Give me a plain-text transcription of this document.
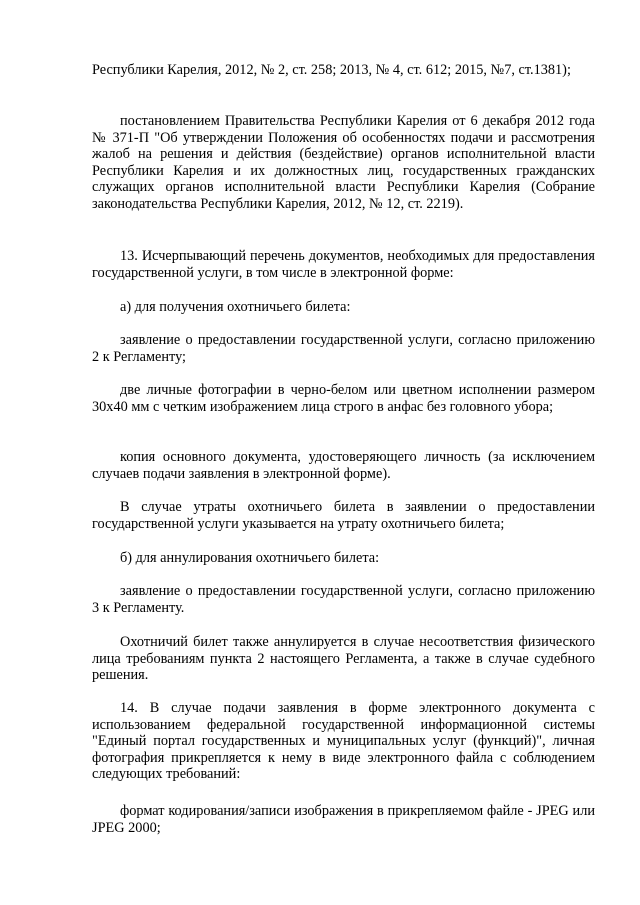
Республики Карелия, 2012, № 2, ст. 258; 2013, № 4, ст. 612; 2015, №7, ст.1381);

постановлением Правительства Республики Карелия от 6 декабря 2012 года № 371-П "Об утверждении Положения об особенностях подачи и рассмотрения жалоб на решения и действия (бездействие) органов исполнительной власти Республики Карелия и их должностных лиц, государственных гражданских служащих органов исполнительной власти Республики Карелия (Собрание законодательства Республики Карелия, 2012, № 12, ст. 2219).

13. Исчерпывающий перечень документов, необходимых для предоставления государственной услуги, в том числе в электронной форме:

а) для получения охотничьего билета:

заявление о предоставлении государственной услуги, согласно приложению 2 к Регламенту;

две личные фотографии в черно-белом или цветном исполнении размером 30x40 мм с четким изображением лица строго в анфас без головного убора;

копия основного документа, удостоверяющего личность (за исключением случаев подачи заявления в электронной форме).

В случае утраты охотничьего билета в заявлении о предоставлении государственной услуги указывается на утрату охотничьего билета;

б) для аннулирования охотничьего билета:

заявление о предоставлении государственной услуги, согласно приложению 3 к Регламенту.

Охотничий билет также аннулируется в случае несоответствия физического лица требованиям пункта 2 настоящего Регламента, а также в случае судебного решения.

14. В случае подачи заявления в форме электронного документа с использованием федеральной государственной информационной системы "Единый портал государственных и муниципальных услуг (функций)", личная фотография прикрепляется к нему в виде электронного файла с соблюдением следующих требований:

формат кодирования/записи изображения в прикрепляемом файле - JPEG или JPEG 2000;
